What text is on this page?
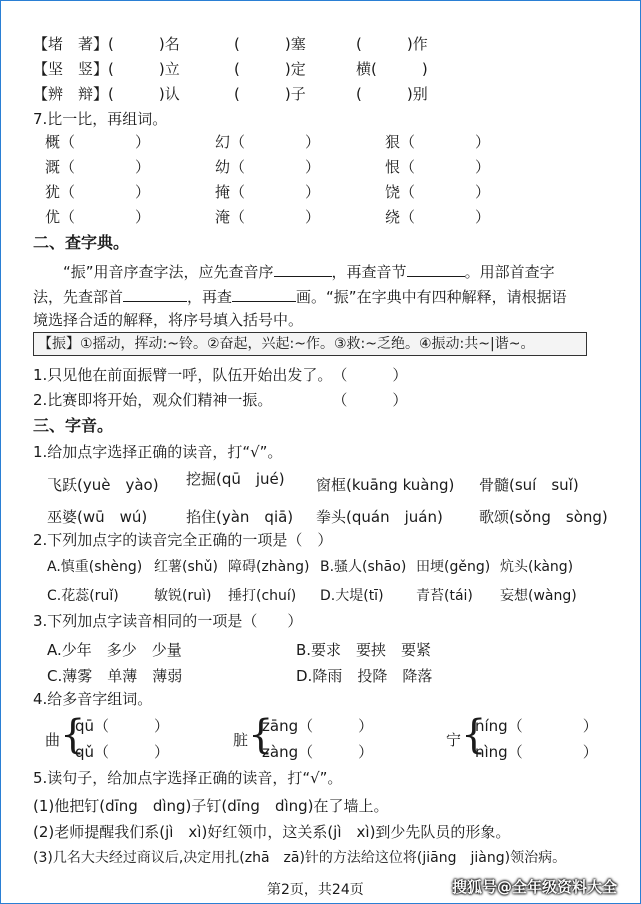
【堵　著】(　　　)名	(　　　)塞	(　　　)作
【坚　竖】(　　　)立	(　　　)定	横(　　　)
【辨　辩】(　　　)认	(　　　)子	(　　　)别
7.比一比，再组词。
概（　　　　）	幻（　　　　）	狠（　　　　）
溉（　　　　）	幼（　　　　）	恨（　　　　）
犹（　　　　）	掩（　　　　）	饶（　　　　）
优（　　　　）	淹（　　　　）	绕（　　　　）
二、查字典。
“振”用音序查字法，应先查音序	，再查音节	。用部首查字
法，先查部首	，再查	画。“振”在字典中有四种解释，请根据语
境选择合适的解释，将序号填入括号中。
【振】①摇动，挥动:~铃。②奋起，兴起:~作。③救:~乏绝。④振动:共~|谐~。
1.只见他在前面振臂一呼，队伍开始出发了。　（　　　）
2.比赛即将开始，观众们精神一振。　　　　　（　　　）
三、字音。
1.给加点字选择正确的读音，打“√”。
飞跃(yuè　yào) 挖掘(qū　jué) 窗框(kuāng kuàng) 骨髓(suí　suǐ)
巫婆(wū　wú)	掐住(yàn　qiā) 拳头(quán　juán) 歌颂(sǒng　sòng)
2.下列加点字的读音完全正确的一项是（　）
A.慎重(shèng) 红薯(shǔ) 障碍(zhàng) B.骚人(shāo) 田埂(gěng) 炕头(kàng)
C.花蕊(ruǐ)	敏锐(ruì) 捶打(chuí) D.大堤(tī) 青苔(tái) 妄想(wàng)
3.下列加点字读音相同的一项是（　　）
A.少年　多少　少量	B.要求　要挟　要紧
C.薄雾　单薄　薄弱	D.降雨　投降　降落
4.给多音字组词。
曲 {
qū（　　　）
qǔ（　　　）
脏 {
zāng（　　　）
zàng（　　　）
宁 {
níng（　　　　）
nìng（　　　　）
5.读句子，给加点字选择正确的读音，打“√”。
(1)他把钉(dīng　dìng)子钉(dīng　dìng)在了墙上。
(2)老师提醒我们系(jì　xì)好红领巾，这关系(jì　xì)到少先队员的形象。
(3)几名大夫经过商议后,决定用扎(zhā　zā)针的方法给这位将(jiāng　jiàng)领治病。
第2页，共24页	搜狐号@全年级资料大全
